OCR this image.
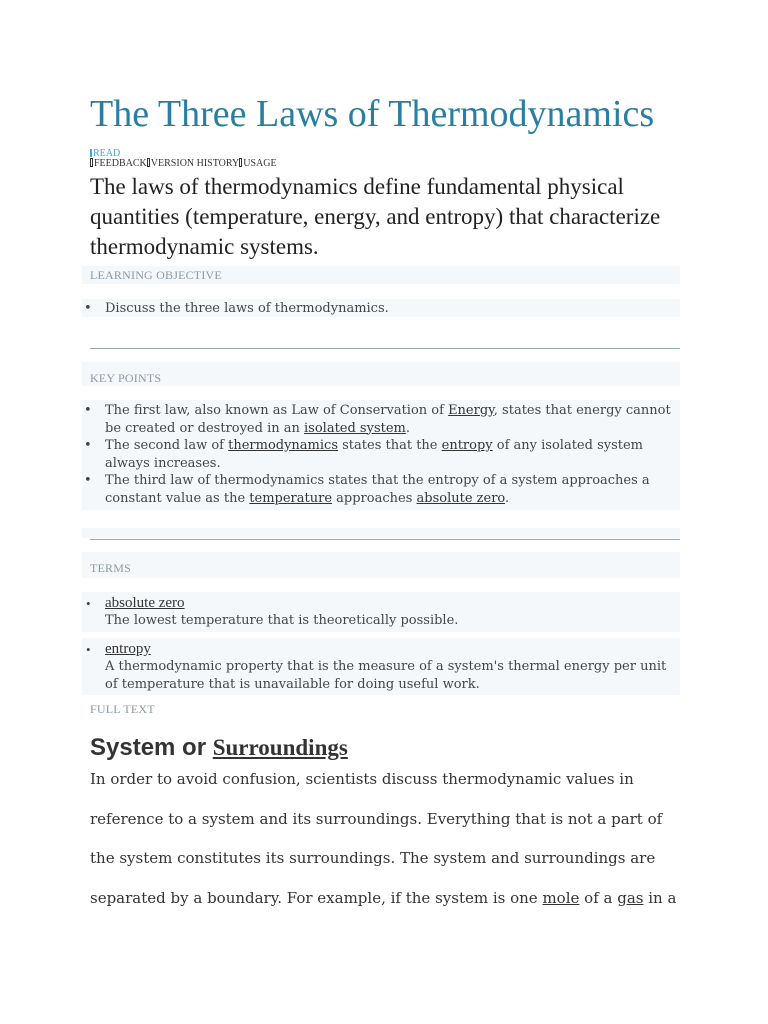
The Three Laws of Thermodynamics
READ
FEEDBACK VERSION HISTORY USAGE

The laws of thermodynamics define fundamental physical quantities (temperature, energy, and entropy) that characterize thermodynamic systems.

LEARNING OBJECTIVE
• Discuss the three laws of thermodynamics.
KEY POINTS
• The first law, also known as Law of Conservation of Energy, states that energy cannot be created or destroyed in an isolated system.
• The second law of thermodynamics states that the entropy of any isolated system always increases.
• The third law of thermodynamics states that the entropy of a system approaches a constant value as the temperature approaches absolute zero.
TERMS
• absolute zero
The lowest temperature that is theoretically possible.
• entropy
A thermodynamic property that is the measure of a system's thermal energy per unit of temperature that is unavailable for doing useful work.
FULL TEXT
System or Surroundings

In order to avoid confusion, scientists discuss thermodynamic values in reference to a system and its surroundings. Everything that is not a part of the system constitutes its surroundings. The system and surroundings are separated by a boundary. For example, if the system is one mole of a gas in a
